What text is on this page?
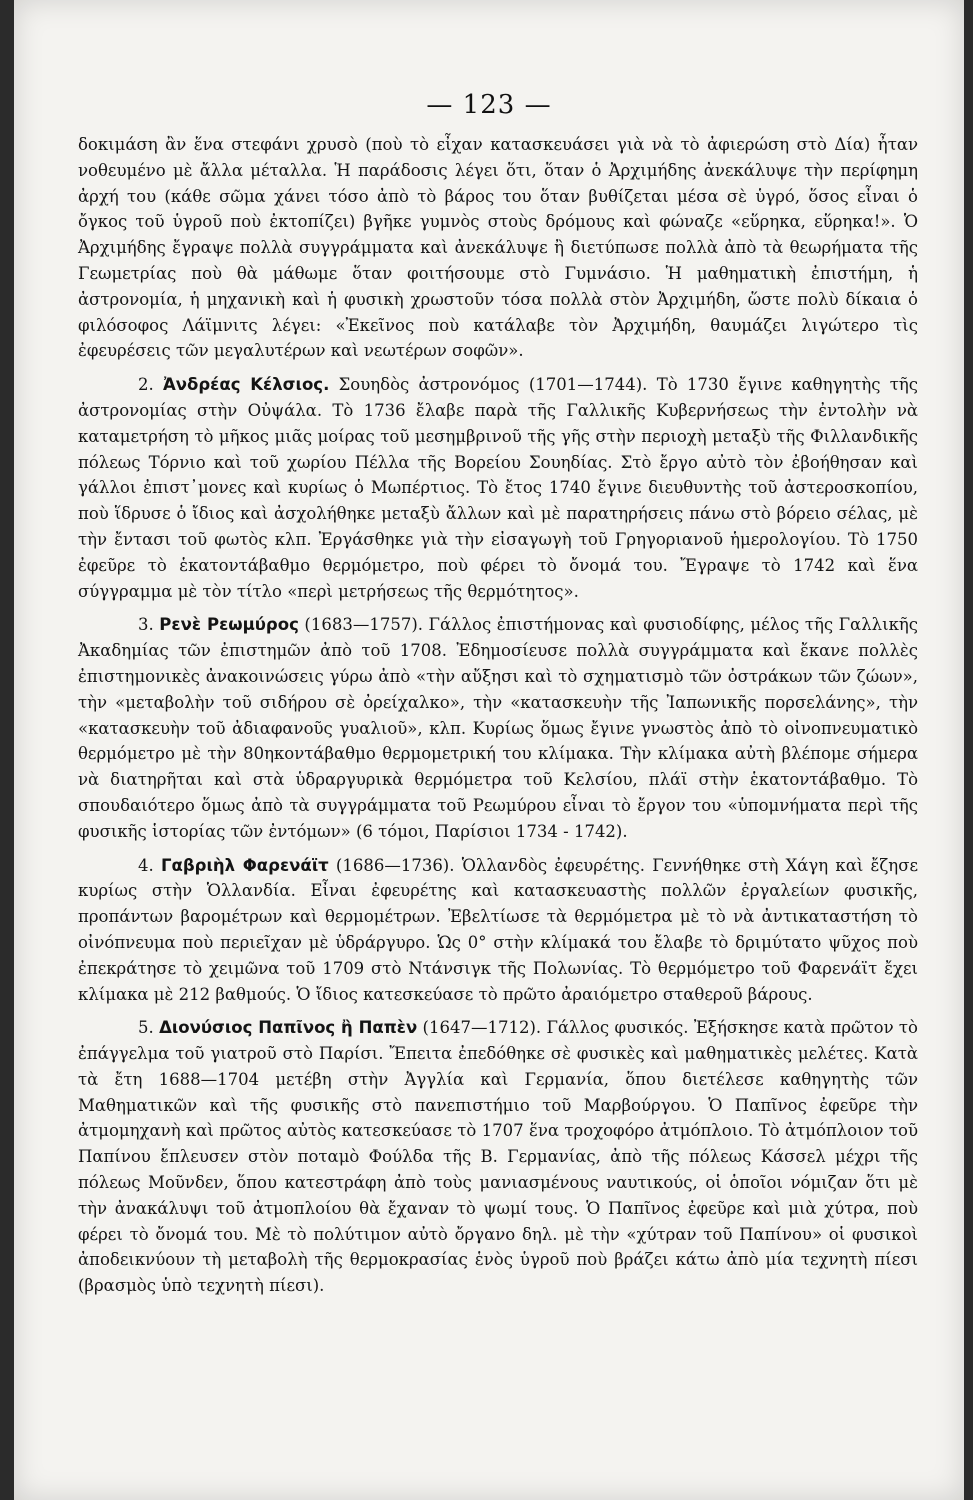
— 123 —

δοκιμάση ἂν ἕνα στεφάνι χρυσὸ (ποὺ τὸ εἶχαν κατασκευάσει γιὰ νὰ τὸ ἀφιερώση στὸ Δία) ἦταν νοθευμένο μὲ ἄλλα μέταλλα. Ἡ παράδοσις λέγει ὅτι, ὅταν ὁ Ἀρχιμήδης ἀνεκάλυψε τὴν περίφημη ἀρχή του (κάθε σῶμα χάνει τόσο ἀπὸ τὸ βάρος του ὅταν βυθίζεται μέσα σὲ ὑγρό, ὅσος εἶναι ὁ ὄγκος τοῦ ὑγροῦ ποὺ ἐκτοπίζει) βγῆκε γυμνὸς στοὺς δρόμους καὶ φώναζε «εὕρηκα, εὕρηκα!». Ὁ Ἀρχιμήδης ἔγραψε πολλὰ συγγράμματα καὶ ἀνεκάλυψε ἢ διετύπωσε πολλὰ ἀπὸ τὰ θεωρήματα τῆς Γεωμετρίας ποὺ θὰ μάθωμε ὅταν φοιτήσουμε στὸ Γυμνάσιο. Ἡ μαθηματικὴ ἐπιστήμη, ἡ ἀστρονομία, ἡ μηχανικὴ καὶ ἡ φυσικὴ χρωστοῦν τόσα πολλὰ στὸν Ἀρχιμήδη, ὥστε πολὺ δίκαια ὁ φιλόσοφος Λάϊμνιτς λέγει: «Ἐκεῖνος ποὺ κατάλαβε τὸν Ἀρχιμήδη, θαυμάζει λιγώτερο τὶς ἐφευρέσεις τῶν μεγαλυτέρων καὶ νεωτέρων σοφῶν».

2. Ἀνδρέας Κέλσιος. Σουηδὸς ἀστρονόμος (1701—1744). Τὸ 1730 ἔγινε καθηγητὴς τῆς ἀστρονομίας στὴν Οὐψάλα. Τὸ 1736 ἔλαβε παρὰ τῆς Γαλλικῆς Κυβερνήσεως τὴν ἐντολὴν νὰ καταμετρήση τὸ μῆκος μιᾶς μοίρας τοῦ μεσημβρινοῦ τῆς γῆς στὴν περιοχὴ μεταξὺ τῆς Φιλλανδικῆς πόλεως Τόρνιο καὶ τοῦ χωρίου Πέλλα τῆς Βορείου Σουηδίας. Στὸ ἔργο αὐτὸ τὸν ἐβοήθησαν καὶ γάλλοι ἐπιστ᾿μονες καὶ κυρίως ὁ Μωπέρτιος. Τὸ ἔτος 1740 ἔγινε διευθυντὴς τοῦ ἀστεροσκοπίου, ποὺ ἵδρυσε ὁ ἴδιος καὶ ἀσχολήθηκε μεταξὺ ἄλλων καὶ μὲ παρατηρήσεις πάνω στὸ βόρειο σέλας, μὲ τὴν ἔντασι τοῦ φωτὸς κλπ. Ἐργάσθηκε γιὰ τὴν εἰσαγωγὴ τοῦ Γρηγοριανοῦ ἡμερολογίου. Τὸ 1750 ἐφεῦρε τὸ ἑκατοντάβαθμο θερμόμετρο, ποὺ φέρει τὸ ὄνομά του. Ἔγραψε τὸ 1742 καὶ ἕνα σύγγραμμα μὲ τὸν τίτλο «περὶ μετρήσεως τῆς θερμότητος».

3. Ρενὲ Ρεωμύρος (1683—1757). Γάλλος ἐπιστήμονας καὶ φυσιοδίφης, μέλος τῆς Γαλλικῆς Ἀκαδημίας τῶν ἐπιστημῶν ἀπὸ τοῦ 1708. Ἐδημοσίευσε πολλὰ συγγράμματα καὶ ἔκανε πολλὲς ἐπιστημονικὲς ἀνακοινώσεις γύρω ἀπὸ «τὴν αὔξησι καὶ τὸ σχηματισμὸ τῶν ὀστράκων τῶν ζώων», τὴν «μεταβολὴν τοῦ σιδήρου σὲ ὀρείχαλκο», τὴν «κατασκευὴν τῆς Ἰαπωνικῆς πορσελάνης», τὴν «κατασκευὴν τοῦ ἀδιαφανοῦς γυαλιοῦ», κλπ. Κυρίως ὅμως ἔγινε γνωστὸς ἀπὸ τὸ οἰνοπνευματικὸ θερμόμετρο μὲ τὴν 80ηκοντάβαθμο θερμομετρική του κλίμακα. Τὴν κλίμακα αὐτὴ βλέπομε σήμερα νὰ διατηρῆται καὶ στὰ ὑδραργυρικὰ θερμόμετρα τοῦ Κελσίου, πλάϊ στὴν ἑκατοντάβαθμο. Τὸ σπουδαιότερο ὅμως ἀπὸ τὰ συγγράμματα τοῦ Ρεωμύρου εἶναι τὸ ἔργον του «ὑπομνήματα περὶ τῆς φυσικῆς ἱστορίας τῶν ἐντόμων» (6 τόμοι, Παρίσιοι 1734 - 1742).

4. Γαβριὴλ Φαρενάϊτ (1686—1736). Ὁλλανδὸς ἐφευρέτης. Γεννήθηκε στὴ Χάγη καὶ ἔζησε κυρίως στὴν Ὁλλανδία. Εἶναι ἐφευρέτης καὶ κατασκευαστὴς πολλῶν ἐργαλείων φυσικῆς, προπάντων βαρομέτρων καὶ θερμομέτρων. Ἐβελτίωσε τὰ θερμόμετρα μὲ τὸ νὰ ἀντικαταστήση τὸ οἰνόπνευμα ποὺ περιεῖχαν μὲ ὑδράργυρο. Ὡς 0° στὴν κλίμακά του ἔλαβε τὸ δριμύτατο ψῦχος ποὺ ἐπεκράτησε τὸ χειμῶνα τοῦ 1709 στὸ Ντάνσιγκ τῆς Πολωνίας. Τὸ θερμόμετρο τοῦ Φαρενάϊτ ἔχει κλίμακα μὲ 212 βαθμούς. Ὁ ἴδιος κατεσκεύασε τὸ πρῶτο ἀραιόμετρο σταθεροῦ βάρους.

5. Διονύσιος Παπῖνος ἢ Παπὲν (1647—1712). Γάλλος φυσικός. Ἐξήσκησε κατὰ πρῶτον τὸ ἐπάγγελμα τοῦ γιατροῦ στὸ Παρίσι. Ἔπειτα ἐπεδόθηκε σὲ φυσικὲς καὶ μαθηματικὲς μελέτες. Κατὰ τὰ ἔτη 1688—1704 μετέβη στὴν Ἀγγλία καὶ Γερμανία, ὅπου διετέλεσε καθηγητὴς τῶν Μαθηματικῶν καὶ τῆς φυσικῆς στὸ πανεπιστήμιο τοῦ Μαρβούργου. Ὁ Παπῖνος ἐφεῦρε τὴν ἀτμομηχανὴ καὶ πρῶτος αὐτὸς κατεσκεύασε τὸ 1707 ἕνα τροχοφόρο ἀτμόπλοιο. Τὸ ἀτμόπλοιον τοῦ Παπίνου ἔπλευσεν στὸν ποταμὸ Φούλδα τῆς Β. Γερμανίας, ἀπὸ τῆς πόλεως Κάσσελ μέχρι τῆς πόλεως Μοῦνδεν, ὅπου κατεστράφη ἀπὸ τοὺς μανιασμένους ναυτικούς, οἱ ὁποῖοι νόμιζαν ὅτι μὲ τὴν ἀνακάλυψι τοῦ ἀτμοπλοίου θὰ ἔχαναν τὸ ψωμί τους. Ὁ Παπῖνος ἐφεῦρε καὶ μιὰ χύτρα, ποὺ φέρει τὸ ὄνομά του. Μὲ τὸ πολύτιμον αὐτὸ ὄργανο δηλ. μὲ τὴν «χύτραν τοῦ Παπίνου» οἱ φυσικοὶ ἀποδεικνύουν τὴ μεταβολὴ τῆς θερμοκρασίας ἑνὸς ὑγροῦ ποὺ βράζει κάτω ἀπὸ μία τεχνητὴ πίεσι (βρασμὸς ὑπὸ τεχνητὴ πίεσι).
